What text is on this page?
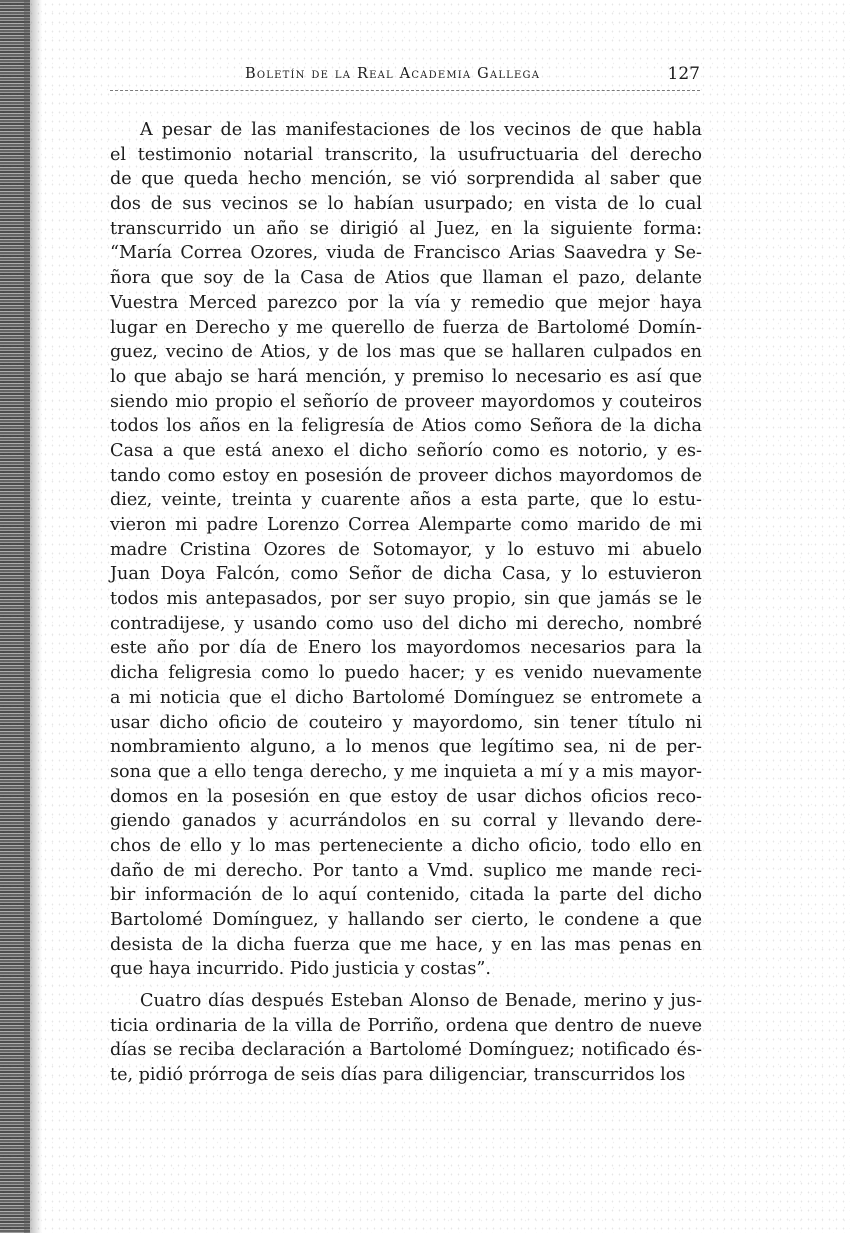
Boletín de la Real Academia Gallega	127
A pesar de las manifestaciones de los vecinos de que habla
el testimonio notarial transcrito, la usufructuaria del derecho
de que queda hecho mención, se vió sorprendida al saber que
dos de sus vecinos se lo habían usurpado; en vista de lo cual
transcurrido un año se dirigió al Juez, en la siguiente forma:
“María Correa Ozores, viuda de Francisco Arias Saavedra y Se-
ñora que soy de la Casa de Atios que llaman el pazo, delante
Vuestra Merced parezco por la vía y remedio que mejor haya
lugar en Derecho y me querello de fuerza de Bartolomé Domín-
guez, vecino de Atios, y de los mas que se hallaren culpados en
lo que abajo se hará mención, y premiso lo necesario es así que
siendo mio propio el señorío de proveer mayordomos y couteiros
todos los años en la feligresía de Atios como Señora de la dicha
Casa a que está anexo el dicho señorío como es notorio, y es-
tando como estoy en posesión de proveer dichos mayordomos de
diez, veinte, treinta y cuarente años a esta parte, que lo estu-
vieron mi padre Lorenzo Correa Alemparte como marido de mi
madre Cristina Ozores de Sotomayor, y lo estuvo mi abuelo
Juan Doya Falcón, como Señor de dicha Casa, y lo estuvieron
todos mis antepasados, por ser suyo propio, sin que jamás se le
contradijese, y usando como uso del dicho mi derecho, nombré
este año por día de Enero los mayordomos necesarios para la
dicha feligresia como lo puedo hacer; y es venido nuevamente
a mi noticia que el dicho Bartolomé Domínguez se entromete a
usar dicho oficio de couteiro y mayordomo, sin tener título ni
nombramiento alguno, a lo menos que legítimo sea, ni de per-
sona que a ello tenga derecho, y me inquieta a mí y a mis mayor-
domos en la posesión en que estoy de usar dichos oficios reco-
giendo ganados y acurrándolos en su corral y llevando dere-
chos de ello y lo mas perteneciente a dicho oficio, todo ello en
daño de mi derecho. Por tanto a Vmd. suplico me mande reci-
bir información de lo aquí contenido, citada la parte del dicho
Bartolomé Domínguez, y hallando ser cierto, le condene a que
desista de la dicha fuerza que me hace, y en las mas penas en
que haya incurrido. Pido justicia y costas”.
Cuatro días después Esteban Alonso de Benade, merino y jus-
ticia ordinaria de la villa de Porriño, ordena que dentro de nueve
días se reciba declaración a Bartolomé Domínguez; notificado és-
te, pidió prórroga de seis días para diligenciar, transcurridos los
